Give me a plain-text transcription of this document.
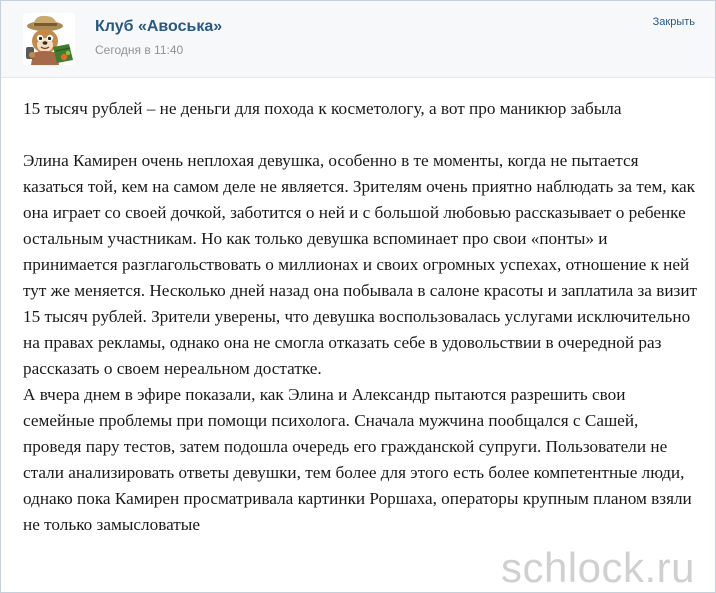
Клуб «Авоська»
Сегодня в 11:40
Закрыть

15 тысяч рублей – не деньги для похода к косметологу, а вот про маникюр забыла

Элина Камирен очень неплохая девушка, особенно в те моменты, когда не пытается казаться той, кем на самом деле не является. Зрителям очень приятно наблюдать за тем, как она играет со своей дочкой, заботится о ней и с большой любовью рассказывает о ребенке остальным участникам. Но как только девушка вспоминает про свои «понты» и принимается разглагольствовать о миллионах и своих огромных успехах, отношение к ней тут же меняется. Несколько дней назад она побывала в салоне красоты и заплатила за визит 15 тысяч рублей. Зрители уверены, что девушка воспользовалась услугами исключительно на правах рекламы, однако она не смогла отказать себе в удовольствии в очередной раз рассказать о своем нереальном достатке.

А вчера днем в эфире показали, как Элина и Александр пытаются разрешить свои семейные проблемы при помощи психолога. Сначала мужчина пообщался с Сашей, проведя пару тестов, затем подошла очередь его гражданской супруги. Пользователи не стали анализировать ответы девушки, тем более для этого есть более компетентные люди, однако пока Камирен просматривала картинки Роршаха, операторы крупным планом взяли не только замысловатые

schlock.ru
